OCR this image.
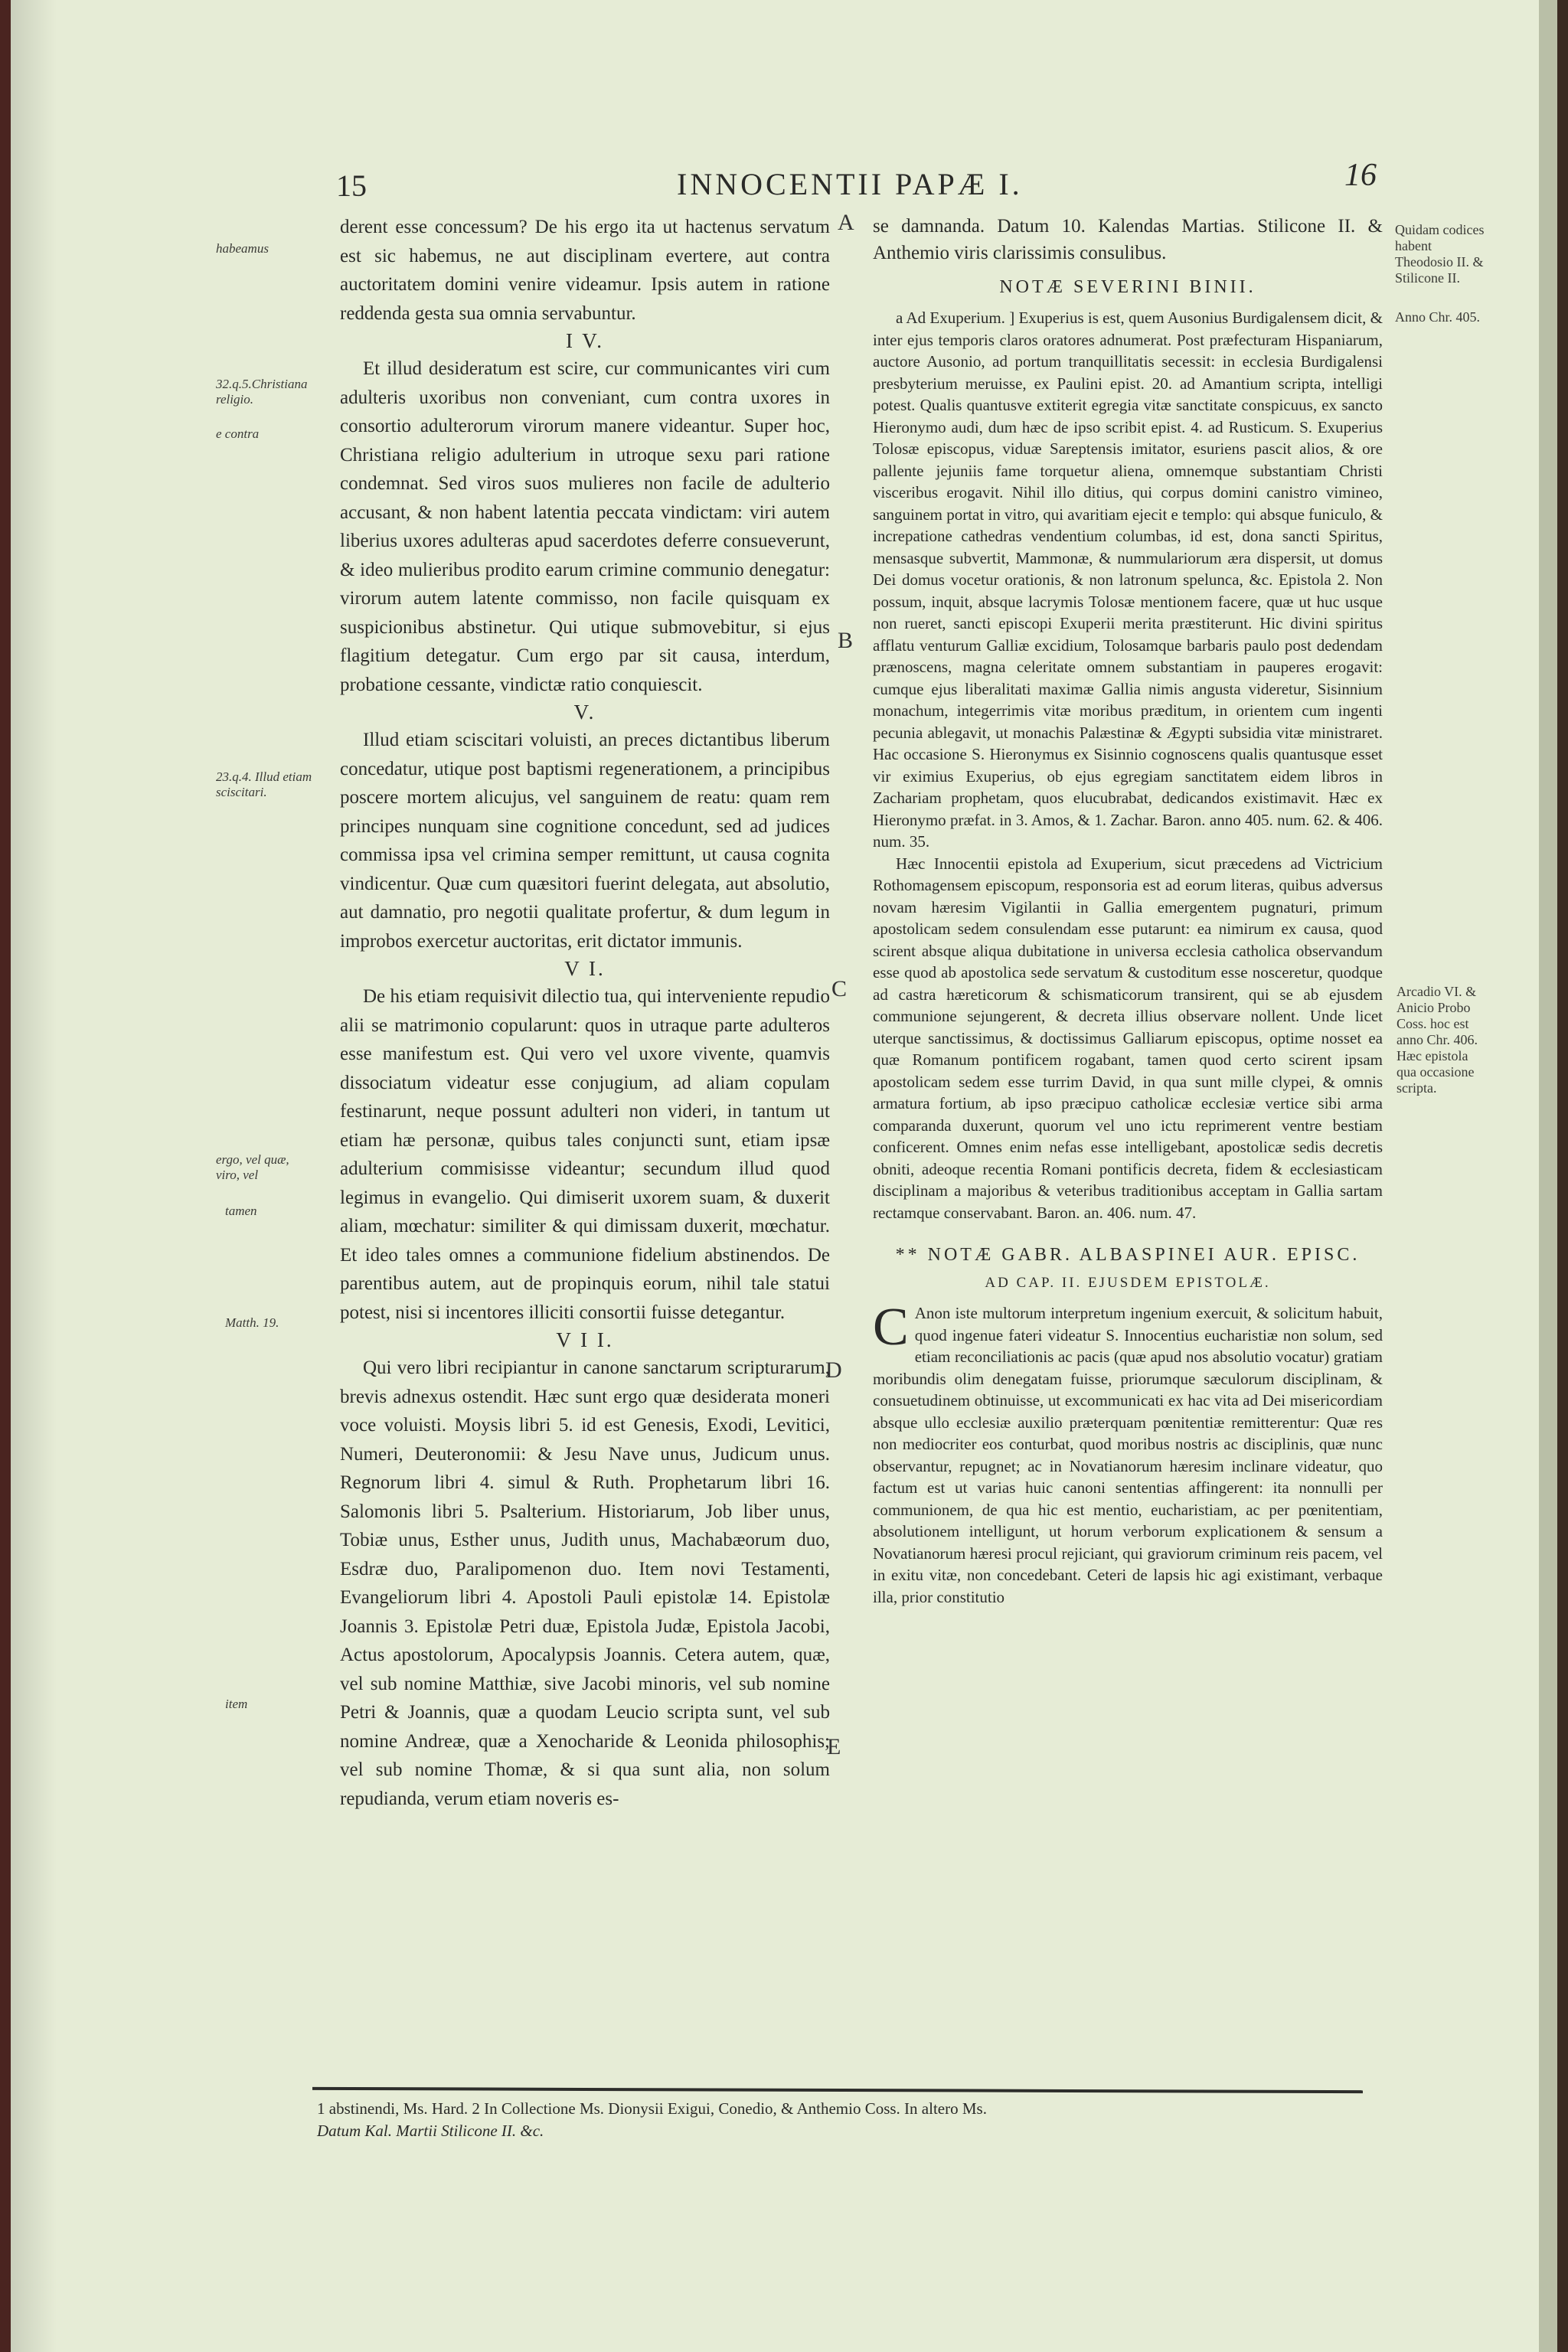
15	INNOCENTII PAPÆ I.	16
habeamus
32.q.5.Christiana religio.
e contra
23.q.4. Illud etiam sciscitari.
ergo, vel quæ, viro, vel
tamen
Matth. 19.
item
A
B
C
D
E

derent esse concessum? De his ergo ita ut hactenus servatum est sic habemus, ne aut disciplinam evertere, aut contra auctoritatem domini venire videamur. Ipsis autem in ratione reddenda gesta sua omnia servabuntur.

I V.

Et illud desideratum est scire, cur communicantes viri cum adulteris uxoribus non conveniant, cum contra uxores in consortio adulterorum virorum manere videantur. Super hoc, Christiana religio adulterium in utroque sexu pari ratione condemnat. Sed viros suos mulieres non facile de adulterio accusant, & non habent latentia peccata vindictam: viri autem liberius uxores adulteras apud sacerdotes deferre consueverunt, & ideo mulieribus prodito earum crimine communio denegatur: virorum autem latente commisso, non facile quisquam ex suspicionibus abstinetur. Qui utique submovebitur, si ejus flagitium detegatur. Cum ergo par sit causa, interdum, probatione cessante, vindictæ ratio conquiescit.

V.

Illud etiam sciscitari voluisti, an preces dictantibus liberum concedatur, utique post baptismi regenerationem, a principibus poscere mortem alicujus, vel sanguinem de reatu: quam rem principes nunquam sine cognitione concedunt, sed ad judices commissa ipsa vel crimina semper remittunt, ut causa cognita vindicentur. Quæ cum quæsitori fuerint delegata, aut absolutio, aut damnatio, pro negotii qualitate profertur, & dum legum in improbos exercetur auctoritas, erit dictator immunis.

V I.

De his etiam requisivit dilectio tua, qui interveniente repudio alii se matrimonio copularunt: quos in utraque parte adulteros esse manifestum est. Qui vero vel uxore vivente, quamvis dissociatum videatur esse conjugium, ad aliam copulam festinarunt, neque possunt adulteri non videri, in tantum ut etiam hæ personæ, quibus tales conjuncti sunt, etiam ipsæ adulterium commisisse videantur; secundum illud quod legimus in evangelio. Qui dimiserit uxorem suam, & duxerit aliam, mœchatur: similiter & qui dimissam duxerit, mœchatur. Et ideo tales omnes a communione fidelium abstinendos. De parentibus autem, aut de propinquis eorum, nihil tale statui potest, nisi si incentores illiciti consortii fuisse detegantur.

V I I.

Qui vero libri recipiantur in canone sanctarum scripturarum, brevis adnexus ostendit. Hæc sunt ergo quæ desiderata moneri voce voluisti. Moysis libri 5. id est Genesis, Exodi, Levitici, Numeri, Deuteronomii: & Jesu Nave unus, Judicum unus. Regnorum libri 4. simul & Ruth. Prophetarum libri 16. Salomonis libri 5. Psalterium. Historiarum, Job liber unus, Tobiæ unus, Esther unus, Judith unus, Machabæorum duo, Esdræ duo, Paralipomenon duo. Item novi Testamenti, Evangeliorum libri 4. Apostoli Pauli epistolæ 14. Epistolæ Joannis 3. Epistolæ Petri duæ, Epistola Judæ, Epistola Jacobi, Actus apostolorum, Apocalypsis Joannis. Cetera autem, quæ, vel sub nomine Matthiæ, sive Jacobi minoris, vel sub nomine Petri & Joannis, quæ a quodam Leucio scripta sunt, vel sub nomine Andreæ, quæ a Xenocharide & Leonida philosophis; vel sub nomine Thomæ, & si qua sunt alia, non solum repudianda, verum etiam noveris es-

se damnanda. Datum 10. Kalendas Martias. Stilicone II. & Anthemio viris clarissimis consulibus.

NOTÆ SEVERINI BINII.

a Ad Exuperium. ] Exuperius is est, quem Ausonius Burdigalensem dicit, & inter ejus temporis claros oratores adnumerat. Post præfecturam Hispaniarum, auctore Ausonio, ad portum tranquillitatis secessit: in ecclesia Burdigalensi presbyterium meruisse, ex Paulini epist. 20. ad Amantium scripta, intelligi potest. Qualis quantusve extiterit egregia vitæ sanctitate conspicuus, ex sancto Hieronymo audi, dum hæc de ipso scribit epist. 4. ad Rusticum. S. Exuperius Tolosæ episcopus, viduæ Sareptensis imitator, esuriens pascit alios, & ore pallente jejuniis fame torquetur aliena, omnemque substantiam Christi visceribus erogavit. Nihil illo ditius, qui corpus domini canistro vimineo, sanguinem portat in vitro, qui avaritiam ejecit e templo: qui absque funiculo, & increpatione cathedras vendentium columbas, id est, dona sancti Spiritus, mensasque subvertit, Mammonæ, & nummulariorum æra dispersit, ut domus Dei domus vocetur orationis, & non latronum spelunca, &c. Epistola 2. Non possum, inquit, absque lacrymis Tolosæ mentionem facere, quæ ut huc usque non rueret, sancti episcopi Exuperii merita præstiterunt. Hic divini spiritus afflatu venturum Galliæ excidium, Tolosamque barbaris paulo post dedendam prænoscens, magna celeritate omnem substantiam in pauperes erogavit: cumque ejus liberalitati maximæ Gallia nimis angusta videretur, Sisinnium monachum, integerrimis vitæ moribus præditum, in orientem cum ingenti pecunia ablegavit, ut monachis Palæstinæ & Ægypti subsidia vitæ ministraret. Hac occasione S. Hieronymus ex Sisinnio cognoscens qualis quantusque esset vir eximius Exuperius, ob ejus egregiam sanctitatem eidem libros in Zachariam prophetam, quos elucubrabat, dedicandos existimavit. Hæc ex Hieronymo præfat. in 3. Amos, & 1. Zachar. Baron. anno 405. num. 62. & 406. num. 35.

Hæc Innocentii epistola ad Exuperium, sicut præcedens ad Victricium Rothomagensem episcopum, responsoria est ad eorum literas, quibus adversus novam hæresim Vigilantii in Gallia emergentem pugnaturi, primum apostolicam sedem consulendam esse putarunt: ea nimirum ex causa, quod scirent absque aliqua dubitatione in universa ecclesia catholica observandum esse quod ab apostolica sede servatum & custoditum esse nosceretur, quodque ad castra hæreticorum & schismaticorum transirent, qui se ab ejusdem communione sejungerent, & decreta illius observare nollent. Unde licet uterque sanctissimus, & doctissimus Galliarum episcopus, optime nosset ea quæ Romanum pontificem rogabant, tamen quod certo scirent ipsam apostolicam sedem esse turrim David, in qua sunt mille clypei, & omnis armatura fortium, ab ipso præcipuo catholicæ ecclesiæ vertice sibi arma comparanda duxerunt, quorum vel uno ictu reprimerent ventre bestiam conficerent. Omnes enim nefas esse intelligebant, apostolicæ sedis decretis obniti, adeoque recentia Romani pontificis decreta, fidem & ecclesiasticam disciplinam a majoribus & veteribus traditionibus acceptam in Gallia sartam rectamque conservabant. Baron. an. 406. num. 47.

** NOTÆ GABR. ALBASPINEI AUR. EPISC.
AD CAP. II. EJUSDEM EPISTOLÆ.

C Anon iste multorum interpretum ingenium exercuit, & solicitum habuit, quod ingenue fateri videatur S. Innocentius eucharistiæ non solum, sed etiam reconciliationis ac pacis (quæ apud nos absolutio vocatur) gratiam moribundis olim denegatam fuisse, priorumque sæculorum disciplinam, & consuetudinem obtinuisse, ut excommunicati ex hac vita ad Dei misericordiam absque ullo ecclesiæ auxilio præterquam pœnitentiæ remitterentur: Quæ res non mediocriter eos conturbat, quod moribus nostris ac disciplinis, quæ nunc observantur, repugnet; ac in Novatianorum hæresim inclinare videatur, quo factum est ut varias huic canoni sententias affingerent: ita nonnulli per communionem, de qua hic est mentio, eucharistiam, ac per pœnitentiam, absolutionem intelligunt, ut horum verborum explicationem & sensum a Novatianorum hæresi procul rejiciant, qui graviorum criminum reis pacem, vel in exitu vitæ, non concedebant. Ceteri de lapsis hic agi existimant, verbaque illa, prior constitutio

Quidam codices habent Theodosio II. & Stilicone II.
Anno Chr. 405.
Arcadio VI. & Anicio Probo Coss. hoc est anno Chr. 406. Hæc epistola qua occasione scripta.
1 abstinendi, Ms. Hard. 2 In Collectione Ms. Dionysii Exigui, Conedio, & Anthemio Coss. In altero Ms.
Datum Kal. Martii Stilicone II. &c.
